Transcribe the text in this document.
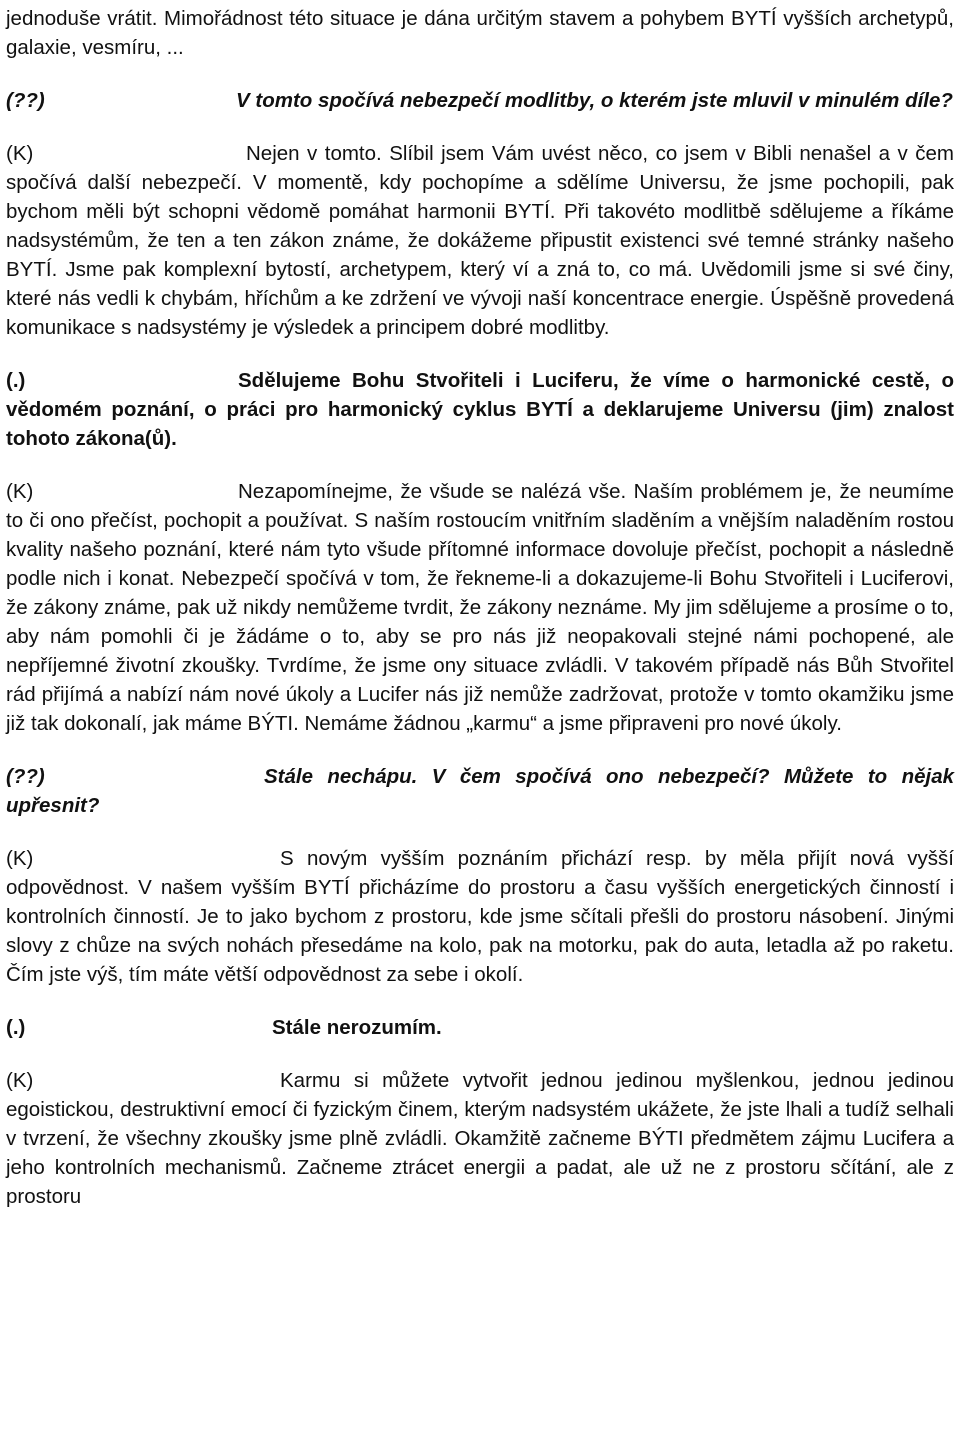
jednoduše vrátit. Mimořádnost této situace je dána určitým stavem a pohybem BYTÍ vyšších archetypů, galaxie, vesmíru, ...

(??)	V tomto spočívá nebezpečí modlitby, o kterém jste mluvil v minulém díle?

(K)	Nejen v tomto. Slíbil jsem Vám uvést něco, co jsem v Bibli nenašel a v čem spočívá další nebezpečí. V momentě, kdy pochopíme a sdělíme Universu, že jsme pochopili, pak bychom měli být schopni vědomě pomáhat harmonii BYTÍ. Při takovéto modlitbě sdělujeme a říkáme nadsystémům, že ten a ten zákon známe, že dokážeme připustit existenci své temné stránky našeho BYTÍ. Jsme pak komplexní bytostí, archetypem, který ví a zná to, co má. Uvědomili jsme si své činy, které nás vedli k chybám, hříchům a ke zdržení ve vývoji naší koncentrace energie. Úspěšně provedená komunikace s nadsystémy je výsledek a principem dobré modlitby.

(.)	Sdělujeme Bohu Stvořiteli i Luciferu, že víme o harmonické cestě, o vědomém poznání, o práci pro harmonický cyklus BYTÍ a deklarujeme Universu (jim) znalost tohoto zákona(ů).

(K)	Nezapomínejme, že všude se nalézá vše. Naším problémem je, že neumíme to či ono přečíst, pochopit a používat. S naším rostoucím vnitřním sladěním a vnějším naladěním rostou kvality našeho poznání, které nám tyto všude přítomné informace dovoluje přečíst, pochopit a následně podle nich i konat. Nebezpečí spočívá v tom, že řekneme-li a dokazujeme-li Bohu Stvořiteli i Luciferovi, že zákony známe, pak už nikdy nemůžeme tvrdit, že zákony neznáme. My jim sdělujeme a prosíme o to, aby nám pomohli či je žádáme o to, aby se pro nás již neopakovali stejné námi pochopené, ale nepříjemné životní zkoušky. Tvrdíme, že jsme ony situace zvládli. V takovém případě nás Bůh Stvořitel rád přijímá a nabízí nám nové úkoly a Lucifer nás již nemůže zadržovat, protože v tomto okamžiku jsme již tak dokonalí, jak máme BÝTI. Nemáme žádnou „karmu“ a jsme připraveni pro nové úkoly.

(??)	Stále nechápu. V čem spočívá ono nebezpečí? Můžete to nějak upřesnit?

(K)	S novým vyšším poznáním přichází resp. by měla přijít nová vyšší odpovědnost. V našem vyšším BYTÍ přicházíme do prostoru a času vyšších energetických činností i kontrolních činností. Je to jako bychom z prostoru, kde jsme sčítali přešli do prostoru násobení. Jinými slovy z chůze na svých nohách přesedáme na kolo, pak na motorku, pak do auta, letadla až po raketu. Čím jste výš, tím máte větší odpovědnost za sebe i okolí.

(.)	Stále nerozumím.

(K)	Karmu si můžete vytvořit jednou jedinou myšlenkou, jednou jedinou egoistickou, destruktivní emocí či fyzickým činem, kterým nadsystém ukážete, že jste lhali a tudíž selhali v tvrzení, že všechny zkoušky jsme plně zvládli. Okamžitě začneme BÝTI předmětem zájmu Lucifera a jeho kontrolních mechanismů. Začneme ztrácet energii a padat, ale už ne z prostoru sčítání, ale z prostoru
